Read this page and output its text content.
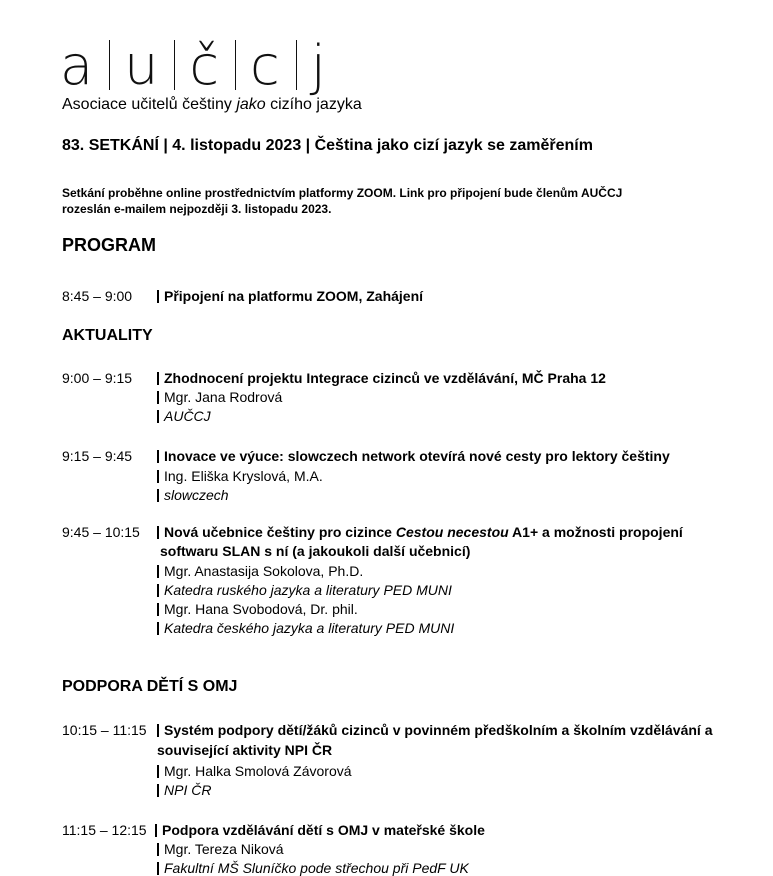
a u č c j
Asociace učitelů češtiny jako cizího jazyka
83. SETKÁNÍ | 4. listopadu 2023 | Čeština jako cizí jazyk se zaměřením
Setkání proběhne online prostřednictvím platformy ZOOM. Link pro připojení bude členům AUČCJ
rozeslán e-mailem nejpozději 3. listopadu 2023.
PROGRAM
8:45 – 9:00	Připojení na platformu ZOOM, Zahájení
AKTUALITY
9:00 – 9:15	Zhodnocení projektu Integrace cizinců ve vzdělávání, MČ Praha 12
Mgr. Jana Rodrová
AUČCJ
9:15 – 9:45	Inovace ve výuce: slowczech network otevírá nové cesty pro lektory češtiny
Ing. Eliška Kryslová, M.A.
slowczech
9:45 – 10:15	Nová učebnice češtiny pro cizince Cestou necestou A1+ a možnosti propojení
softwaru SLAN s ní (a jakoukoli další učebnicí)
Mgr. Anastasija Sokolova, Ph.D.
Katedra ruského jazyka a literatury PED MUNI
Mgr. Hana Svobodová, Dr. phil.
Katedra českého jazyka a literatury PED MUNI
PODPORA DĚTÍ S OMJ
10:15 – 11:15	Systém podpory dětí/žáků cizinců v povinném předškolním a školním vzdělávání a
související aktivity NPI ČR
Mgr. Halka Smolová Závorová
NPI ČR
11:15 – 12:15	Podpora vzdělávání dětí s OMJ v mateřské škole
Mgr. Tereza Niková
Fakultní MŠ Sluníčko pode střechou při PedF UK
